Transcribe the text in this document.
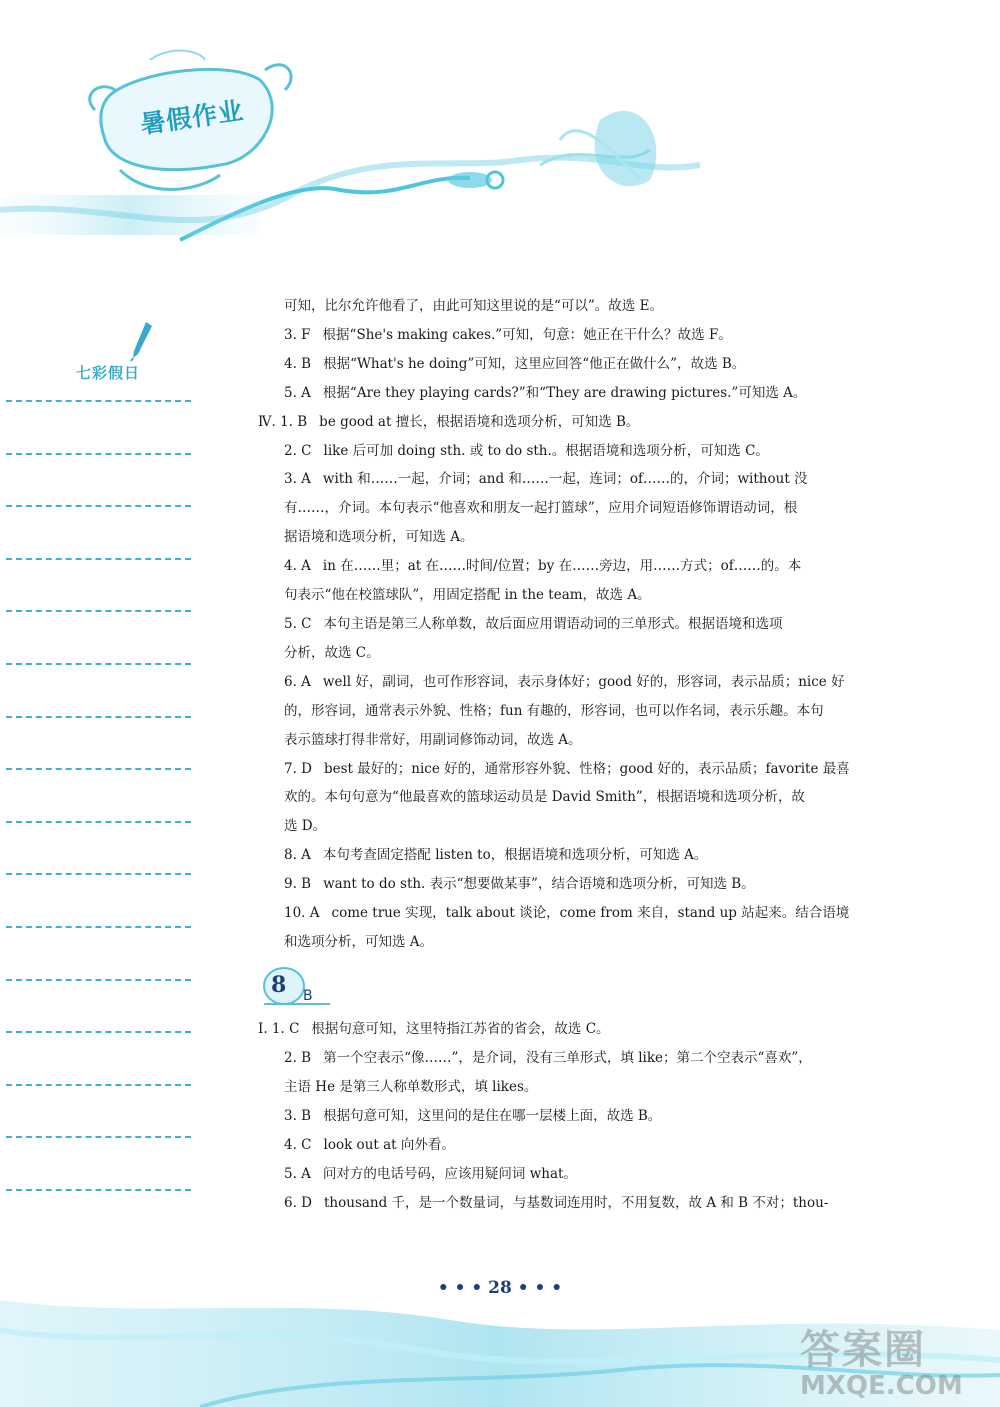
暑假作业
七彩假日
可知，比尔允许他看了，由此可知这里说的是“可以”。故选 E。
3. F 根据“She's making cakes.”可知，句意：她正在干什么？故选 F。
4. B 根据“What's he doing”可知，这里应回答“他正在做什么”，故选 B。
5. A 根据“Are they playing cards?”和“They are drawing pictures.”可知选 A。
Ⅳ. 1. B be good at 擅长，根据语境和选项分析，可知选 B。
2. C like 后可加 doing sth. 或 to do sth.。根据语境和选项分析，可知选 C。
3. A with 和……一起，介词；and 和……一起，连词；of……的，介词；without 没
有……，介词。本句表示“他喜欢和朋友一起打篮球”，应用介词短语修饰谓语动词，根
据语境和选项分析，可知选 A。
4. A in 在……里；at 在……时间/位置；by 在……旁边，用……方式；of……的。本
句表示“他在校篮球队”，用固定搭配 in the team，故选 A。
5. C 本句主语是第三人称单数，故后面应用谓语动词的三单形式。根据语境和选项
分析，故选 C。
6. A well 好，副词，也可作形容词，表示身体好；good 好的，形容词，表示品质；nice 好
的，形容词，通常表示外貌、性格；fun 有趣的，形容词，也可以作名词，表示乐趣。本句
表示篮球打得非常好，用副词修饰动词，故选 A。
7. D best 最好的；nice 好的，通常形容外貌、性格；good 好的，表示品质；favorite 最喜
欢的。本句句意为“他最喜欢的篮球运动员是 David Smith”，根据语境和选项分析，故
选 D。
8. A 本句考查固定搭配 listen to，根据语境和选项分析，可知选 A。
9. B want to do sth. 表示“想要做某事”，结合语境和选项分析，可知选 B。
10. A come true 实现，talk about 谈论，come from 来自，stand up 站起来。结合语境
和选项分析，可知选 A。
8 B
Ⅰ. 1. C 根据句意可知，这里特指江苏省的省会，故选 C。
2. B 第一个空表示“像……”，是介词，没有三单形式，填 like；第二个空表示“喜欢”，
主语 He 是第三人称单数形式，填 likes。
3. B 根据句意可知，这里问的是住在哪一层楼上面，故选 B。
4. C look out at 向外看。
5. A 问对方的电话号码，应该用疑问词 what。
6. D thousand 千，是一个数量词，与基数词连用时，不用复数，故 A 和 B 不对；thou-
• • • 28 • • •
答案圈
MXQE.COM
